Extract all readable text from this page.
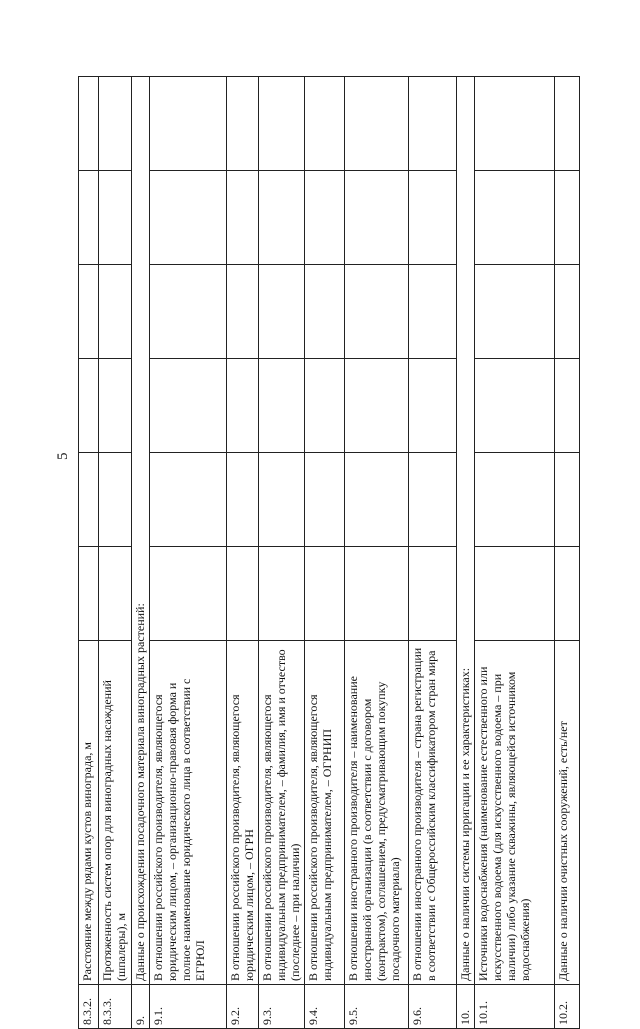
5
8.3.2.	Расстояние между рядами кустов винограда, м						
8.3.3.	Протяженность систем опор для виноградных насаждений (шпалеры), м						
9.	Данные о происхождении посадочного материала виноградных растений:						
9.1.	В отношении российского производителя, являющегося юридическим лицом, – организационно-правовая форма и полное наименование юридического лица в соответствии с ЕГРЮЛ						
9.2.	В отношении российского производителя, являющегося юридическим лицом, – ОГРН						
9.3.	В отношении российского производителя, являющегося индивидуальным предпринимателем, – фамилия, имя и отчество (последнее – при наличии)						
9.4.	В отношении российского производителя, являющегося индивидуальным предпринимателем, – ОГРНИП						
9.5.	В отношении иностранного производителя – наименование иностранной организации (в соответствии с договором (контрактом), соглашением, предусматривающим покупку посадочного материала)						
9.6.	В отношении иностранного производителя – страна регистрации в соответствии с Общероссийским классификатором стран мира						
10.	Данные о наличии системы ирригации и ее характеристиках:						
10.1.	Источники водоснабжения (наименование естественного или искусственного водоема (для искусственного водоема – при наличии) либо указание скважины, являющейся источником водоснабжения)						
10.2.	Данные о наличии очистных сооружений, есть/нет						
